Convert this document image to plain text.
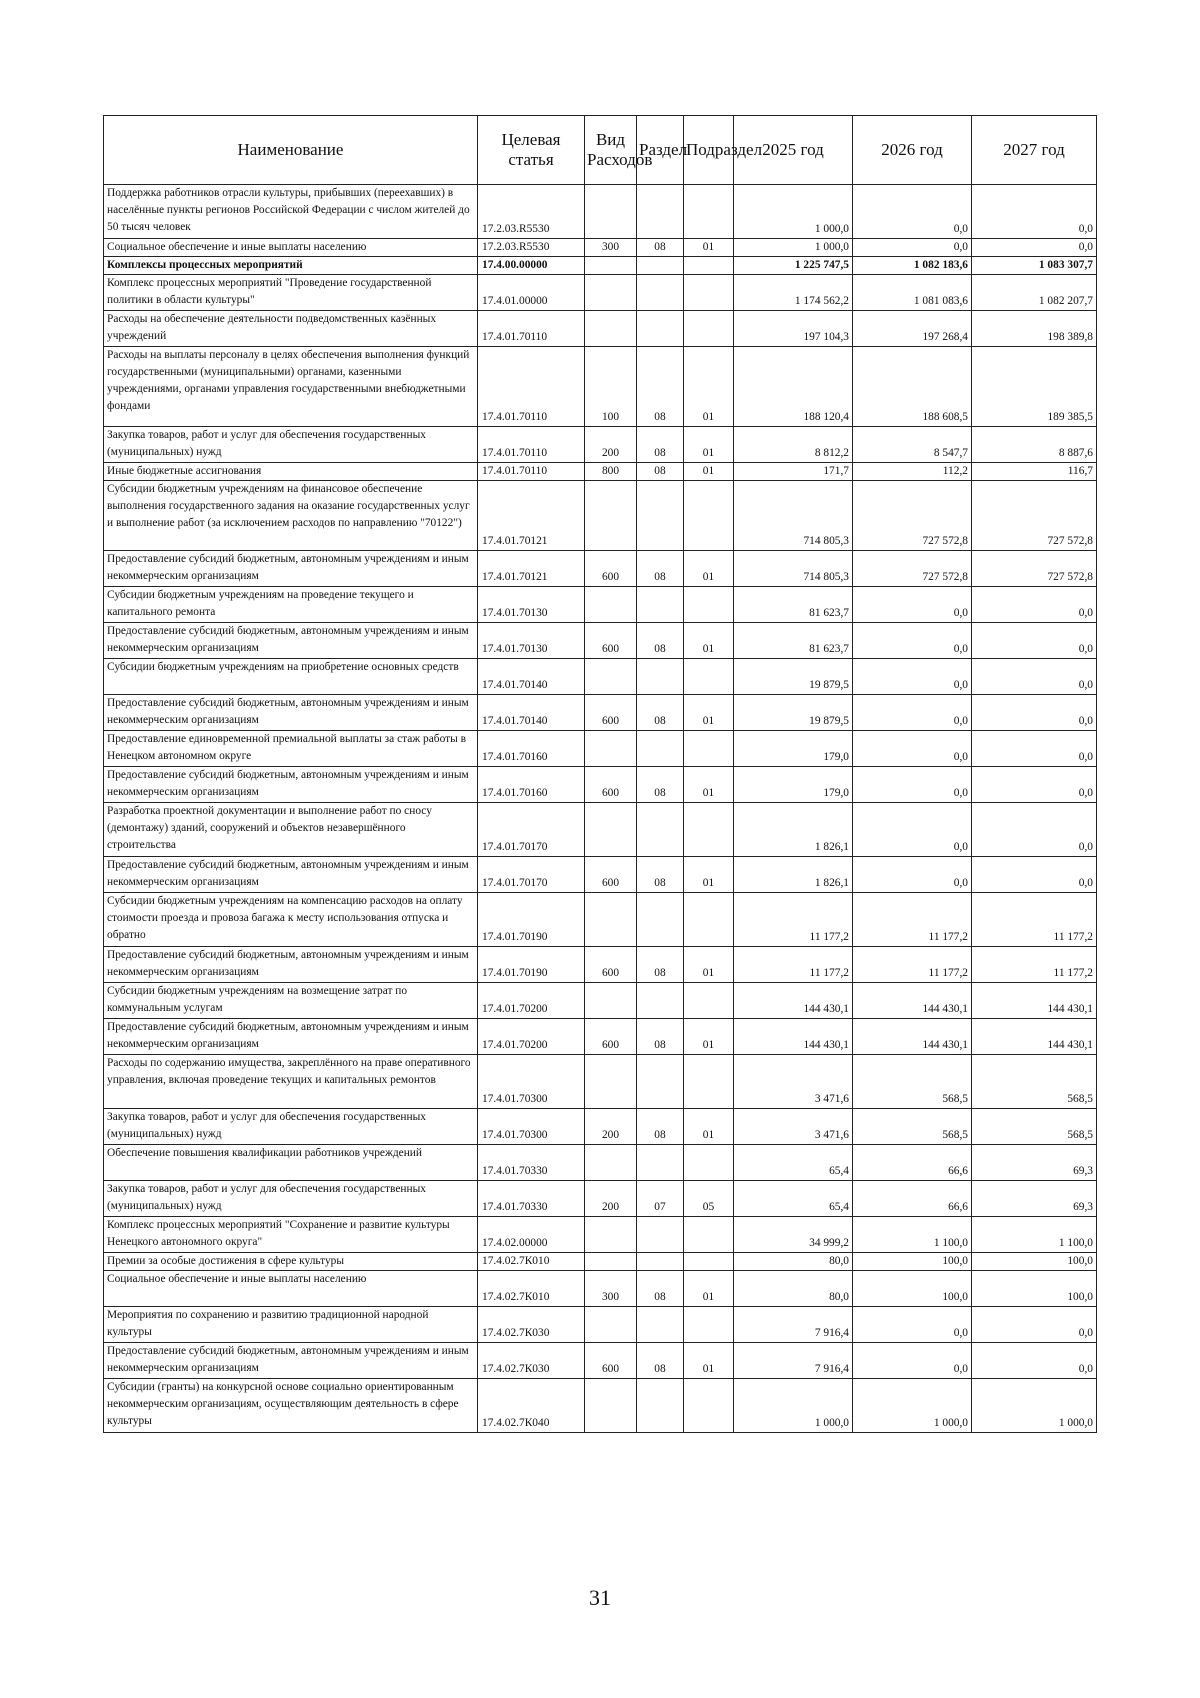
Наименование	Целевая статья	Вид Расходов	Раздел	Подраздел	2025 год	2026 год	2027 год
Поддержка работников отрасли культуры, прибывших (переехавших) в населённые пункты регионов Российской Федерации с числом жителей до 50 тысяч человек	17.2.03.R5530				1 000,0	0,0	0,0
Социальное обеспечение и иные выплаты населению	17.2.03.R5530	300	08	01	1 000,0	0,0	0,0
Комплексы процессных мероприятий	17.4.00.00000				1 225 747,5	1 082 183,6	1 083 307,7
Комплекс процессных мероприятий "Проведение государственной политики в области культуры"	17.4.01.00000				1 174 562,2	1 081 083,6	1 082 207,7
Расходы на обеспечение деятельности подведомственных казённых учреждений	17.4.01.70110				197 104,3	197 268,4	198 389,8
Расходы на выплаты персоналу в целях обеспечения выполнения функций государственными (муниципальными) органами, казенными учреждениями, органами управления государственными внебюджетными фондами	17.4.01.70110	100	08	01	188 120,4	188 608,5	189 385,5
Закупка товаров, работ и услуг для обеспечения государственных (муниципальных) нужд	17.4.01.70110	200	08	01	8 812,2	8 547,7	8 887,6
Иные бюджетные ассигнования	17.4.01.70110	800	08	01	171,7	112,2	116,7
Субсидии бюджетным учреждениям на финансовое обеспечение выполнения государственного задания на оказание государственных услуг и выполнение работ (за исключением расходов по направлению "70122")	17.4.01.70121				714 805,3	727 572,8	727 572,8
Предоставление субсидий бюджетным, автономным учреждениям и иным некоммерческим организациям	17.4.01.70121	600	08	01	714 805,3	727 572,8	727 572,8
Субсидии бюджетным учреждениям на проведение текущего и капитального ремонта	17.4.01.70130				81 623,7	0,0	0,0
Предоставление субсидий бюджетным, автономным учреждениям и иным некоммерческим организациям	17.4.01.70130	600	08	01	81 623,7	0,0	0,0
Субсидии бюджетным учреждениям на приобретение основных средств	17.4.01.70140				19 879,5	0,0	0,0
Предоставление субсидий бюджетным, автономным учреждениям и иным некоммерческим организациям	17.4.01.70140	600	08	01	19 879,5	0,0	0,0
Предоставление единовременной премиальной выплаты за стаж работы в Ненецком автономном округе	17.4.01.70160				179,0	0,0	0,0
Предоставление субсидий бюджетным, автономным учреждениям и иным некоммерческим организациям	17.4.01.70160	600	08	01	179,0	0,0	0,0
Разработка проектной документации и выполнение работ по сносу (демонтажу) зданий, сооружений и объектов незавершённого строительства	17.4.01.70170				1 826,1	0,0	0,0
Предоставление субсидий бюджетным, автономным учреждениям и иным некоммерческим организациям	17.4.01.70170	600	08	01	1 826,1	0,0	0,0
Субсидии бюджетным учреждениям на компенсацию расходов на оплату стоимости проезда и провоза багажа к месту использования отпуска и обратно	17.4.01.70190				11 177,2	11 177,2	11 177,2
Предоставление субсидий бюджетным, автономным учреждениям и иным некоммерческим организациям	17.4.01.70190	600	08	01	11 177,2	11 177,2	11 177,2
Субсидии бюджетным учреждениям на возмещение затрат по коммунальным услугам	17.4.01.70200				144 430,1	144 430,1	144 430,1
Предоставление субсидий бюджетным, автономным учреждениям и иным некоммерческим организациям	17.4.01.70200	600	08	01	144 430,1	144 430,1	144 430,1
Расходы по содержанию имущества, закреплённого на праве оперативного управления, включая проведение текущих и капитальных ремонтов	17.4.01.70300				3 471,6	568,5	568,5
Закупка товаров, работ и услуг для обеспечения государственных (муниципальных) нужд	17.4.01.70300	200	08	01	3 471,6	568,5	568,5
Обеспечение повышения квалификации работников учреждений	17.4.01.70330				65,4	66,6	69,3
Закупка товаров, работ и услуг для обеспечения государственных (муниципальных) нужд	17.4.01.70330	200	07	05	65,4	66,6	69,3
Комплекс процессных мероприятий "Сохранение и развитие культуры Ненецкого автономного округа"	17.4.02.00000				34 999,2	1 100,0	1 100,0
Премии за особые достижения в сфере культуры	17.4.02.7К010				80,0	100,0	100,0
Социальное обеспечение и иные выплаты населению	17.4.02.7К010	300	08	01	80,0	100,0	100,0
Мероприятия по сохранению и развитию традиционной народной культуры	17.4.02.7К030				7 916,4	0,0	0,0
Предоставление субсидий бюджетным, автономным учреждениям и иным некоммерческим организациям	17.4.02.7К030	600	08	01	7 916,4	0,0	0,0
Субсидии (гранты) на конкурсной основе социально ориентированным некоммерческим организациям, осуществляющим деятельность в сфере культуры	17.4.02.7К040				1 000,0	1 000,0	1 000,0
31
